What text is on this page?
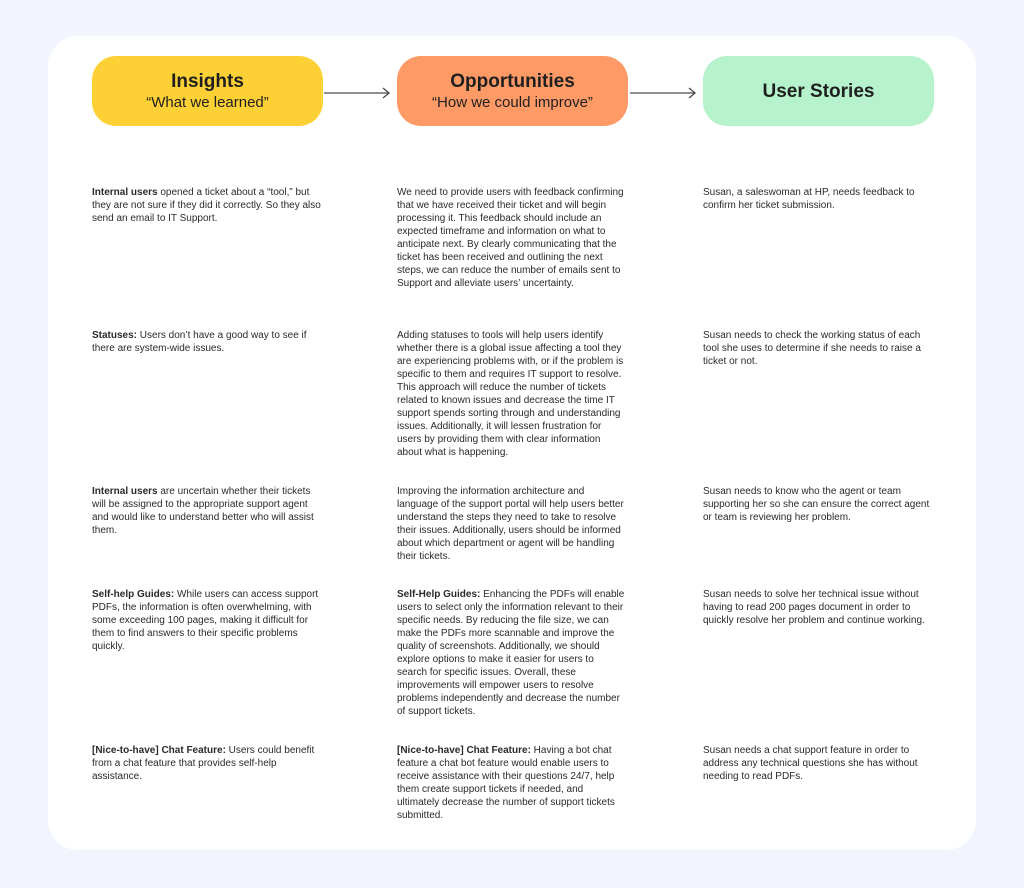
Insights
“What we learned”
Opportunities
“How we could improve”
User Stories

Internal users opened a ticket about a “tool,” but they are not sure if they did it correctly. So they also send an email to IT Support.

We need to provide users with feedback confirming that we have received their ticket and will begin processing it. This feedback should include an expected timeframe and information on what to anticipate next. By clearly communicating that the ticket has been received and outlining the next steps, we can reduce the number of emails sent to Support and alleviate users’ uncertainty.

Susan, a saleswoman at HP, needs feedback to confirm her ticket submission.

Statuses: Users don’t have a good way to see if there are system-wide issues.

Adding statuses to tools will help users identify whether there is a global issue affecting a tool they are experiencing problems with, or if the problem is specific to them and requires IT support to resolve. This approach will reduce the number of tickets related to known issues and decrease the time IT support spends sorting through and understanding issues. Additionally, it will lessen frustration for users by providing them with clear information about what is happening.

Susan needs to check the working status of each tool she uses to determine if she needs to raise a ticket or not.

Internal users are uncertain whether their tickets will be assigned to the appropriate support agent and would like to understand better who will assist them.

Improving the information architecture and language of the support portal will help users better understand the steps they need to take to resolve their issues. Additionally, users should be informed about which department or agent will be handling their tickets.

Susan needs to know who the agent or team supporting her so she can ensure the correct agent or team is reviewing her problem.

Self-help Guides: While users can access support PDFs, the information is often overwhelming, with some exceeding 100 pages, making it difficult for them to find answers to their specific problems quickly.

Self-Help Guides: Enhancing the PDFs will enable users to select only the information relevant to their specific needs. By reducing the file size, we can make the PDFs more scannable and improve the quality of screenshots. Additionally, we should explore options to make it easier for users to search for specific issues. Overall, these improvements will empower users to resolve problems independently and decrease the number of support tickets.

Susan needs to solve her technical issue without having to read 200 pages document in order to quickly resolve her problem and continue working.

[Nice-to-have] Chat Feature: Users could benefit from a chat feature that provides self-help assistance.

[Nice-to-have] Chat Feature: Having a bot chat feature a chat bot feature would enable users to receive assistance with their questions 24/7, help them create support tickets if needed, and ultimately decrease the number of support tickets submitted.

Susan needs a chat support feature in order to address any technical questions she has without needing to read PDFs.
